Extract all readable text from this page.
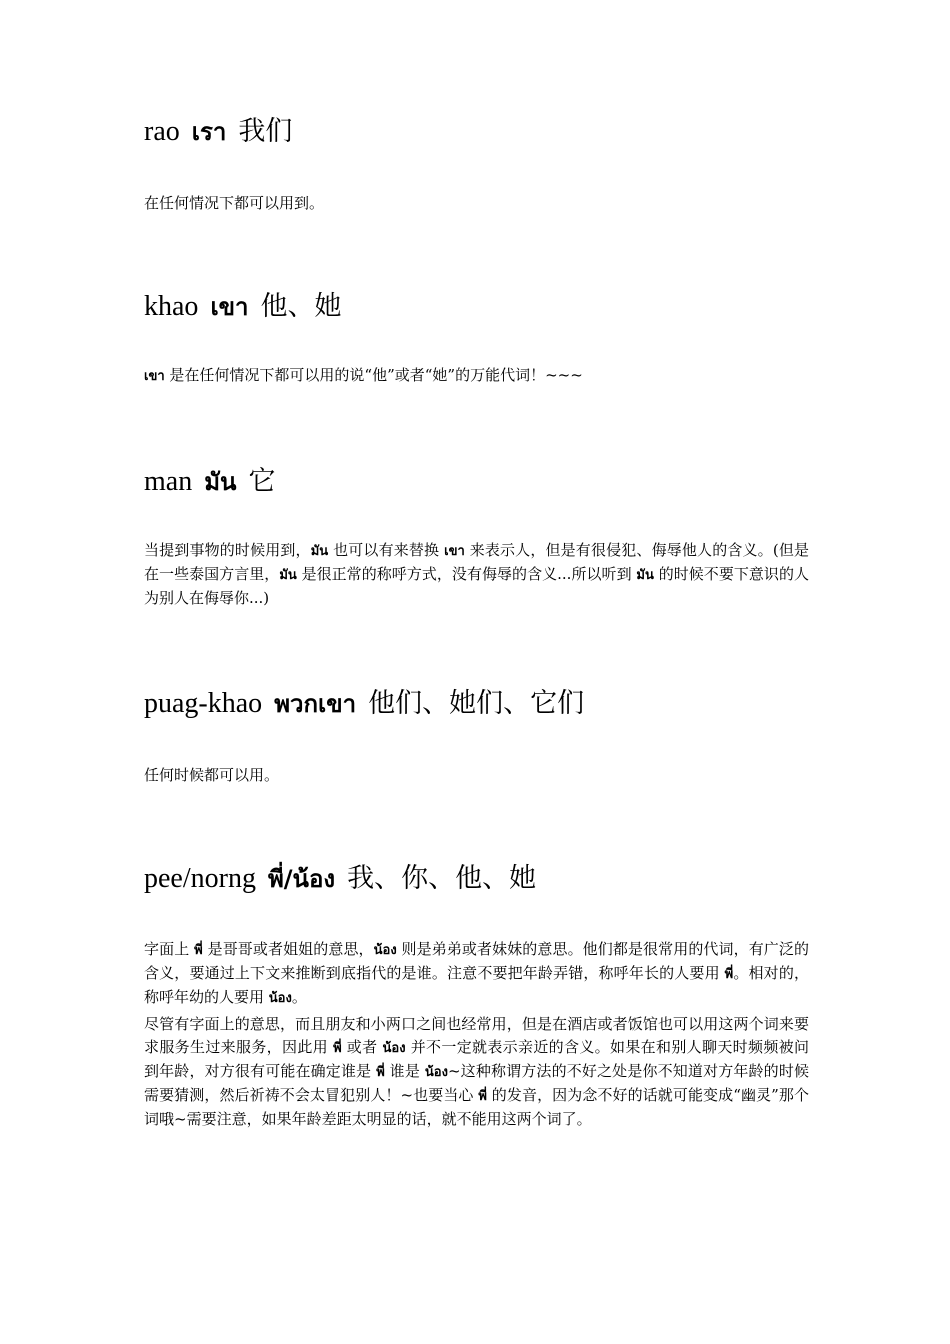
rao เรา 我们

在任何情况下都可以用到。

khao เขา 他、她

เขา 是在任何情况下都可以用的说“他”或者“她”的万能代词！~~~

man มัน 它

当提到事物的时候用到，มัน 也可以有来替换 เขา 来表示人，但是有很侵犯、侮辱他人的含义。(但是在一些泰国方言里，มัน 是很正常的称呼方式，没有侮辱的含义...所以听到 มัน 的时候不要下意识的人为别人在侮辱你...)

puag-khao พวกเขา 他们、她们、它们

任何时候都可以用。

pee/norng พี่/น้อง 我、你、他、她

字面上 พี่ 是哥哥或者姐姐的意思，น้อง 则是弟弟或者妹妹的意思。他们都是很常用的代词，有广泛的含义，要通过上下文来推断到底指代的是谁。注意不要把年龄弄错，称呼年长的人要用 พี่。相对的，称呼年幼的人要用 น้อง。

尽管有字面上的意思，而且朋友和小两口之间也经常用，但是在酒店或者饭馆也可以用这两个词来要求服务生过来服务，因此用 พี่ 或者 น้อง 并不一定就表示亲近的含义。如果在和别人聊天时频频被问到年龄，对方很有可能在确定谁是 พี่ 谁是 น้อง~这种称谓方法的不好之处是你不知道对方年龄的时候需要猜测，然后祈祷不会太冒犯别人！~也要当心 พี่ 的发音，因为念不好的话就可能变成“幽灵”那个词哦~需要注意，如果年龄差距太明显的话，就不能用这两个词了。
